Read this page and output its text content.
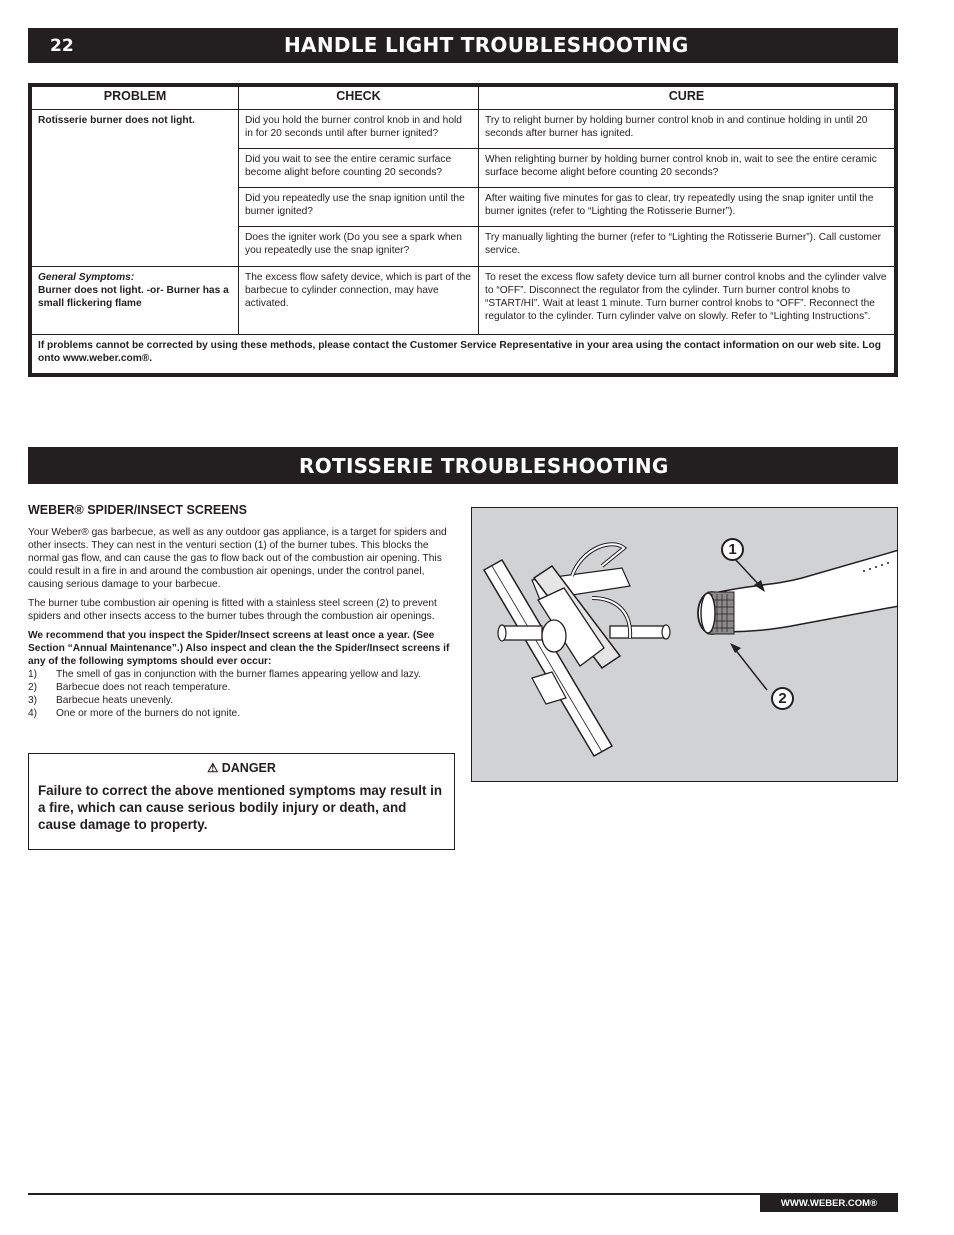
22	HANDLE LIGHT TROUBLESHOOTING
PROBLEM	CHECK	CURE
Rotisserie burner does not light.	Did you hold the burner control knob in and hold in for 20 seconds until after burner ignited?	Try to relight burner by holding burner control knob in and continue holding in until 20 seconds after burner has ignited.
	Did you wait to see the entire ceramic surface become alight before counting 20 seconds?	When relighting burner by holding burner control knob in, wait to see the entire ceramic surface become alight before counting 20 seconds?
	Did you repeatedly use the snap ignition until the burner ignited?	After waiting five minutes for gas to clear, try repeatedly using the snap igniter until the burner ignites (refer to “Lighting the Rotisserie Burner”).
	Does the igniter work (Do you see a spark when you repeatedly use the snap igniter?	Try manually lighting the burner (refer to “Lighting the Rotisserie Burner”). Call customer service.

General Symptoms:
Burner does not light. -or- Burner has a small flickering flame	The excess flow safety device, which is part of the barbecue to cylinder connection, may have activated.	To reset the excess flow safety device turn all burner control knobs and the cylinder valve to “OFF”. Disconnect the regulator from the cylinder. Turn burner control knobs to “START/HI”. Wait at least 1 minute. Turn burner control knobs to “OFF”. Reconnect the regulator to the cylinder. Turn cylinder valve on slowly. Refer to “Lighting Instructions”.
If problems cannot be corrected by using these methods, please contact the Customer Service Representative in your area using the contact information on our web site. Log onto www.weber.com®.		
ROTISSERIE TROUBLESHOOTING
WEBER® SPIDER/INSECT SCREENS

Your Weber® gas barbecue, as well as any outdoor gas appliance, is a target for spiders and other insects. They can nest in the venturi section (1) of the burner tubes. This blocks the normal gas flow, and can cause the gas to flow back out of the combustion air opening. This could result in a fire in and around the combustion air openings, under the control panel, causing serious damage to your barbecue.

The burner tube combustion air opening is fitted with a stainless steel screen (2) to prevent spiders and other insects access to the burner tubes through the combustion air openings.

We recommend that you inspect the Spider/Insect screens at least once a year. (See Section “Annual Maintenance”.) Also inspect and clean the the Spider/Insect screens if any of the following symptoms should ever occur:

1)	The smell of gas in conjunction with the burner flames appearing yellow and lazy.
2)	Barbecue does not reach temperature.
3)	Barbecue heats unevenly.
4)	One or more of the burners do not ignite.
⚠ DANGER
Failure to correct the above mentioned symptoms may result in a fire, which can cause serious bodily injury or death, and cause damage to property.
1
2
WWW.WEBER.COM®
